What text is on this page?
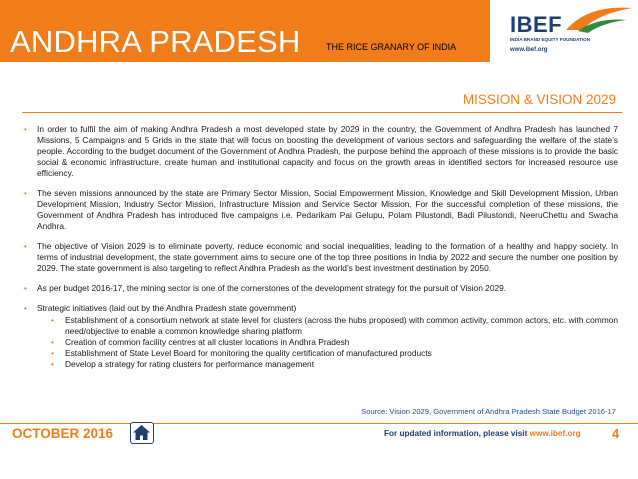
ANDHRA PRADESH	THE RICE GRANARY OF INDIA
IBEF
INDIA BRAND EQUITY FOUNDATION
www.ibef.org
MISSION & VISION 2029
• In order to fulfil the aim of making Andhra Pradesh a most developed state by 2029 in the country, the Government of Andhra Pradesh has launched 7 Missions, 5 Campaigns and 5 Grids in the state that will focus on boosting the development of various sectors and safeguarding the welfare of the state’s people. According to the budget document of the Government of Andhra Pradesh, the purpose behind the approach of these missions is to provide the basic social & economic infrastructure, create human and institutional capacity and focus on the growth areas in identified sectors for increased resource use efficiency.
• The seven missions announced by the state are Primary Sector Mission, Social Empowerment Mission, Knowledge and Skill Development Mission, Urban Development Mission, Industry Sector Mission, Infrastructure Mission and Service Sector Mission. For the successful completion of these missions, the Government of Andhra Pradesh has introduced five campaigns i.e. Pedarikam Pai Gelupu, Polam Pilustondi, Badi Pilustondi, NeeruChettu and Swacha Andhra.
• The objective of Vision 2029 is to eliminate poverty, reduce economic and social inequalities, leading to the formation of a healthy and happy society. In terms of industrial development, the state government aims to secure one of the top three positions in India by 2022 and secure the number one position by 2029. The state government is also targeting to reflect Andhra Pradesh as the world’s best investment destination by 2050.
• As per budget 2016-17, the mining sector is one of the cornerstones of the development strategy for the pursuit of Vision 2029.
• Strategic initiatives (laid out by the Andhra Pradesh state government)
• Establishment of a consortium network at state level for clusters (across the hubs proposed) with common activity, common actors, etc. with common need/objective to enable a common knowledge sharing platform
• Creation of common facility centres at all cluster locations in Andhra Pradesh
• Establishment of State Level Board for monitoring the quality certification of manufactured products
• Develop a strategy for rating clusters for performance management
Source: Vision 2029, Government of Andhra Pradesh State Budget 2016-17
OCTOBER 2016	For updated information, please visit www.ibef.org 4
